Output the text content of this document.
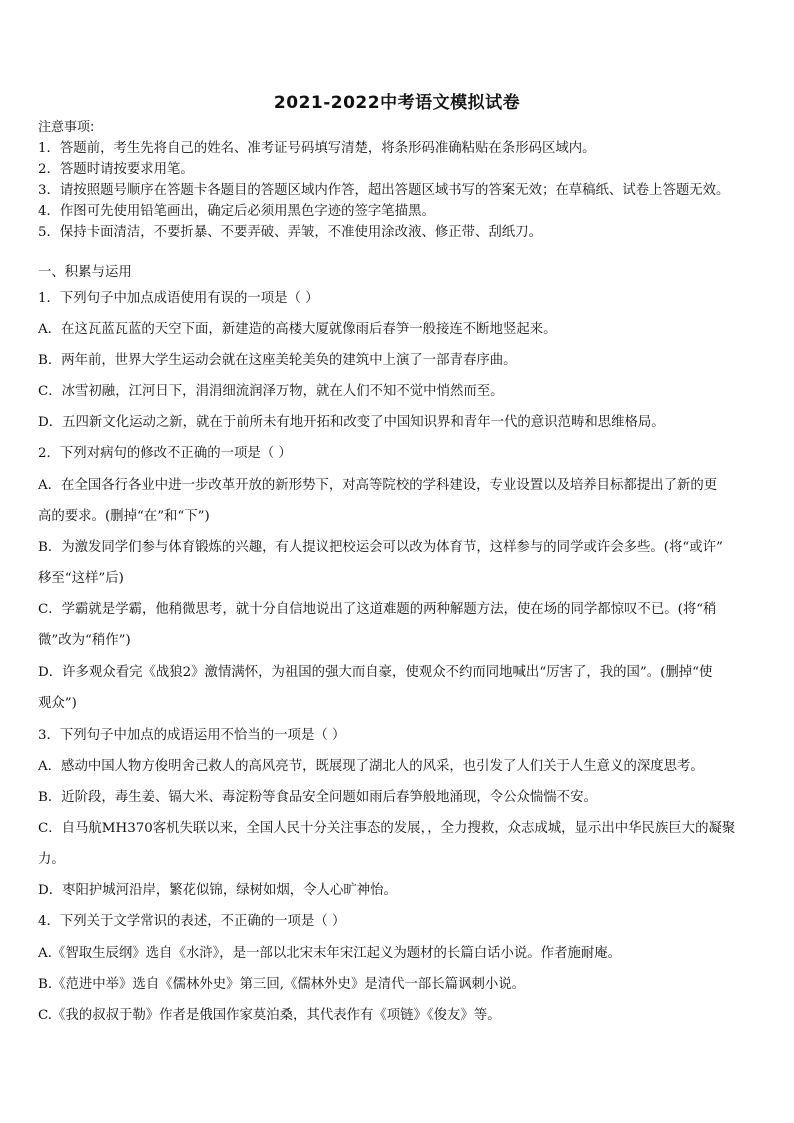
2021-2022中考语文模拟试卷
注意事项:
1．答题前，考生先将自己的姓名、准考证号码填写清楚，将条形码准确粘贴在条形码区域内。
2．答题时请按要求用笔。
3．请按照题号顺序在答题卡各题目的答题区域内作答，超出答题区域书写的答案无效；在草稿纸、试卷上答题无效。
4．作图可先使用铅笔画出，确定后必须用黑色字迹的签字笔描黑。
5．保持卡面清洁，不要折暴、不要弄破、弄皱，不准使用涂改液、修正带、刮纸刀。
一、积累与运用
1．下列句子中加点成语使用有误的一项是（ ）
A．在这瓦蓝瓦蓝的天空下面，新建造的高楼大厦就像雨后春笋一般接连不断地竖起来。
B．两年前，世界大学生运动会就在这座美轮美奂的建筑中上演了一部青春序曲。
C．冰雪初融，江河日下，涓涓细流润泽万物，就在人们不知不觉中悄然而至。
D．五四新文化运动之新，就在于前所未有地开拓和改变了中国知识界和青年一代的意识范畴和思维格局。
2．下列对病句的修改不正确的一项是（ ）
A．在全国各行各业中进一步改革开放的新形势下，对高等院校的学科建设，专业设置以及培养目标都提出了新的更
高的要求。(删掉“在”和“下”)
B．为激发同学们参与体育锻炼的兴趣，有人提议把校运会可以改为体育节，这样参与的同学或许会多些。(将“或许”
移至“这样”后)
C．学霸就是学霸，他稍微思考，就十分自信地说出了这道难题的两种解题方法，使在场的同学都惊叹不已。(将“稍
微”改为“稍作”)
D．许多观众看完《战狼2》激情满怀，为祖国的强大而自豪，使观众不约而同地喊出“厉害了，我的国”。(删掉“使
观众”)
3．下列句子中加点的成语运用不恰当的一项是（ ）
A．感动中国人物方俊明舍己救人的高风亮节，既展现了湖北人的风采，也引发了人们关于人生意义的深度思考。
B．近阶段，毒生姜、镉大米、毒淀粉等食品安全问题如雨后春笋般地涌现，令公众惴惴不安。
C．自马航MH370客机失联以来，全国人民十分关注事态的发展，，全力搜救，众志成城，显示出中华民族巨大的凝聚
力。
D．枣阳护城河沿岸，繁花似锦，绿树如烟，令人心旷神怡。
4．下列关于文学常识的表述，不正确的一项是（ ）
A.《智取生辰纲》选自《水浒》，是一部以北宋末年宋江起义为题材的长篇白话小说。作者施耐庵。
B.《范进中举》选自《儒林外史》第三回,《儒林外史》是清代一部长篇讽刺小说。
C.《我的叔叔于勒》作者是俄国作家莫泊桑，其代表作有《项链》《俊友》等。
